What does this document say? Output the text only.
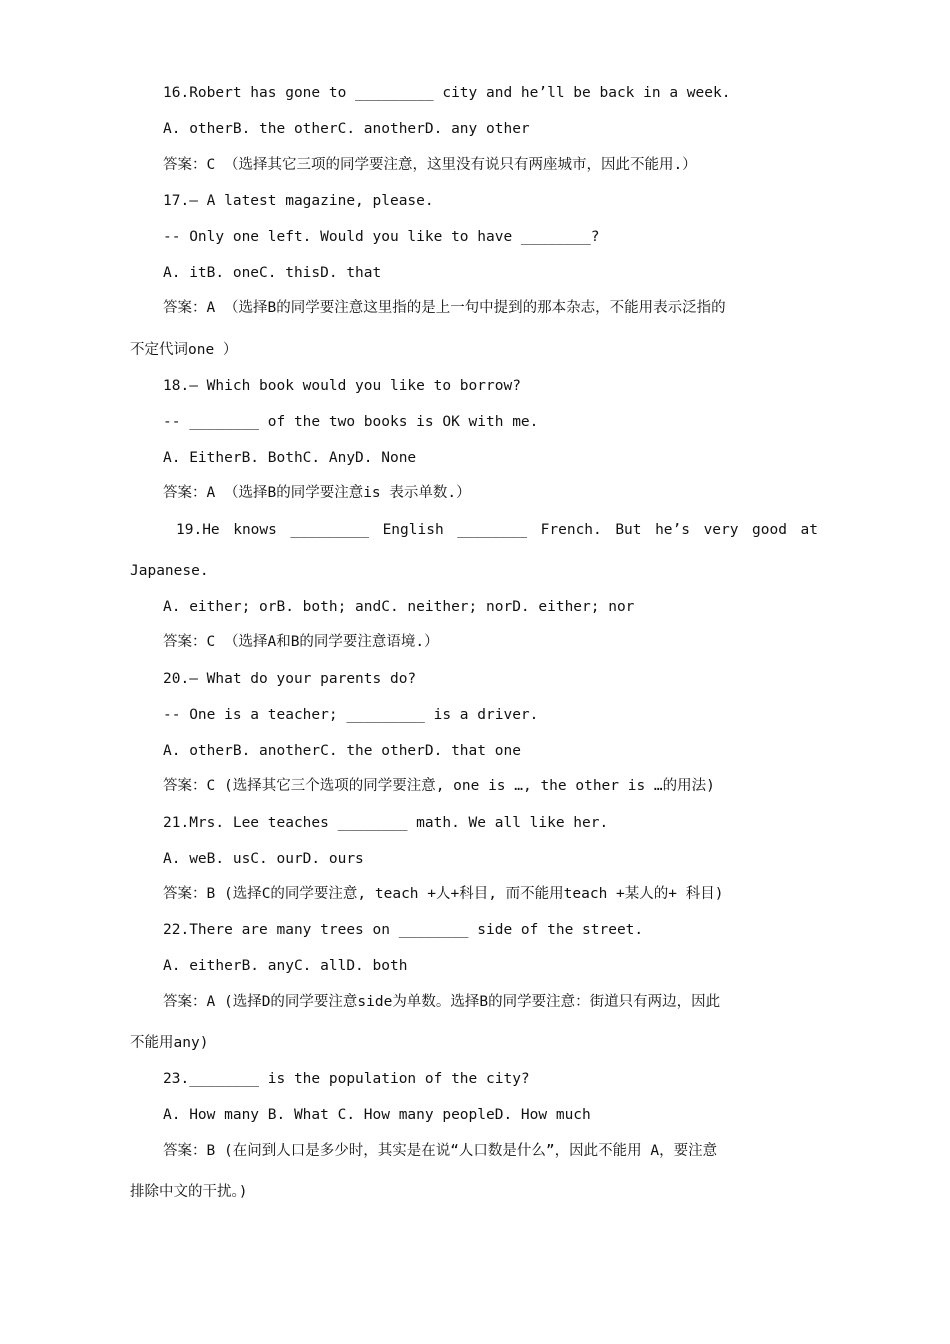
16.Robert has gone to _________ city and he’ll be back in a week.
A. otherB. the otherC. anotherD. any other
答案：C （选择其它三项的同学要注意，这里没有说只有两座城市，因此不能用.）
17.– A latest magazine, please.
-- Only one left. Would you like to have ________?
A. itB. oneC. thisD. that
答案：A （选择B的同学要注意这里指的是上一句中提到的那本杂志，不能用表示泛指的
不定代词one ）
18.– Which book would you like to borrow?
-- ________ of the two books is OK with me.
A. EitherB. BothC. AnyD. None
答案：A （选择B的同学要注意is 表示单数.）
19.He knows _________ English ________ French. But he’s very good at
Japanese.
A. either; orB. both; andC. neither; norD. either; nor
答案：C （选择A和B的同学要注意语境.）
20.– What do your parents do?
-- One is a teacher; _________ is a driver.
A. otherB. anotherC. the otherD. that one
答案：C (选择其它三个选项的同学要注意, one is …, the other is …的用法)
21.Mrs. Lee teaches ________ math. We all like her.
A. weB. usC. ourD. ours
答案：B (选择C的同学要注意, teach +人+科目, 而不能用teach +某人的+ 科目)
22.There are many trees on ________ side of the street.
A. eitherB. anyC. allD. both
答案：A (选择D的同学要注意side为单数。选择B的同学要注意：街道只有两边，因此
不能用any)
23.________ is the population of the city?
A. How many B. What C. How many peopleD. How much
答案：B (在问到人口是多少时，其实是在说“人口数是什么”，因此不能用 A，要注意
排除中文的干扰。)
